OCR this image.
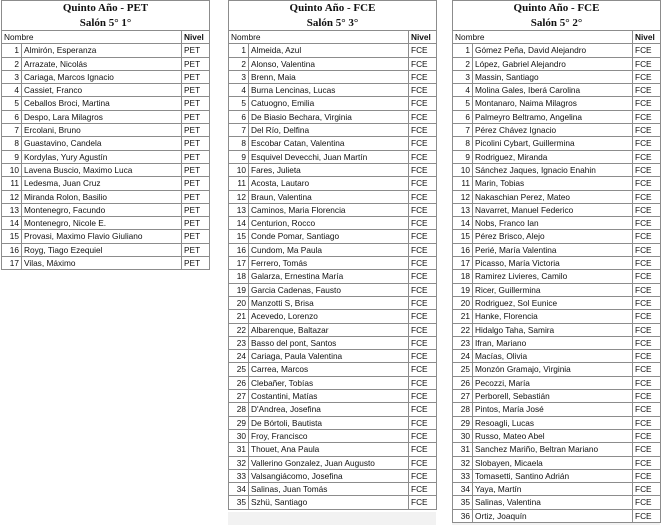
Quinto Año - PET		
Salón 5° 1°		
Nombre		Nivel
1	Almirón, Esperanza	PET
2	Arrazate, Nicolás	PET
3	Cariaga, Marcos Ignacio	PET
4	Cassiet, Franco	PET
5	Ceballos Broci, Martina	PET
6	Despo, Lara Milagros	PET
7	Ercolani, Bruno	PET
8	Guastavino, Candela	PET
9	Kordylas, Yury Agustín	PET
10	Lavena Buscio, Maximo Luca	PET
11	Ledesma, Juan Cruz	PET
12	Miranda Rolon, Basilio	PET
13	Montenegro, Facundo	PET
14	Montenegro, Nicole E.	PET
15	Provasi, Maximo Flavio Giuliano	PET
16	Royg, Tiago Ezequiel	PET
17	Vilas, Máximo	PET
Quinto Año - FCE		
Salón 5° 3°		
Nombre		Nivel
1	Almeida, Azul	FCE
2	Alonso, Valentina	FCE
3	Brenn, Maia	FCE
4	Burna Lencinas, Lucas	FCE
5	Catuogno, Emilia	FCE
6	De Biasio Bechara, Virginia	FCE
7	Del Río, Delfina	FCE
8	Escobar Catan, Valentina	FCE
9	Esquivel Devecchi, Juan Martín	FCE
10	Fares, Julieta	FCE
11	Acosta, Lautaro	FCE
12	Braun, Valentina	FCE
13	Caminos, Maria Florencia	FCE
14	Centurion, Rocco	FCE
15	Conde Pomar, Santiago	FCE
16	Cundom, Ma Paula	FCE
17	Ferrero, Tomás	FCE
18	Galarza, Ernestina María	FCE
19	Garcia Cadenas, Fausto	FCE
20	Manzotti S, Brisa	FCE
21	Acevedo, Lorenzo	FCE
22	Albarenque, Baltazar	FCE
23	Basso del pont, Santos	FCE
24	Cariaga, Paula Valentina	FCE
25	Carrea, Marcos	FCE
26	Clebañer, Tobías	FCE
27	Costantini, Matías	FCE
28	D'Andrea, Josefina	FCE
29	De Bórtoli, Bautista	FCE
30	Froy, Francisco	FCE
31	Thouet, Ana Paula	FCE
32	Vallerino Gonzalez, Juan Augusto	FCE
33	Valsangiácomo, Josefina	FCE
34	Salinas, Juan Tomás	FCE
35	Szhü, Santiago	FCE
Quinto Año - FCE		
Salón 5° 2°		
Nombre		Nivel
1	Gómez Peña, David Alejandro	FCE
2	López, Gabriel Alejandro	FCE
3	Massin, Santiago	FCE
4	Molina Gales, Iberá Carolina	FCE
5	Montanaro, Naima Milagros	FCE
6	Palmeyro Beltramo, Angelina	FCE
7	Pérez Chávez Ignacio	FCE
8	Picolini Cybart, Guillermina	FCE
9	Rodriguez, Miranda	FCE
10	Sánchez Jaques, Ignacio Enahin	FCE
11	Marin, Tobias	FCE
12	Nakaschian Perez, Mateo	FCE
13	Navarret, Manuel Federico	FCE
14	Nobs, Franco Ian	FCE
15	Pérez Brisco, Alejo	FCE
16	Perié, María Valentina	FCE
17	Picasso, María Victoria	FCE
18	Ramirez Livieres, Camilo	FCE
19	Ricer, Guillermina	FCE
20	Rodriguez, Sol Eunice	FCE
21	Hanke, Florencia	FCE
22	Hidalgo Taha, Samira	FCE
23	Ifran, Mariano	FCE
24	Macías, Olivia	FCE
25	Monzón Gramajo, Virginia	FCE
26	Pecozzi, María	FCE
27	Perborell, Sebastián	FCE
28	Pintos, María José	FCE
29	Resoagli, Lucas	FCE
30	Russo, Mateo Abel	FCE
31	Sanchez Mariño, Beltran Mariano	FCE
32	Slobayen, Micaela	FCE
33	Tomasetti, Santino Adrián	FCE
34	Yaya, Martín	FCE
35	Salinas, Valentina	FCE
36	Ortiz, Joaquín	FCE
